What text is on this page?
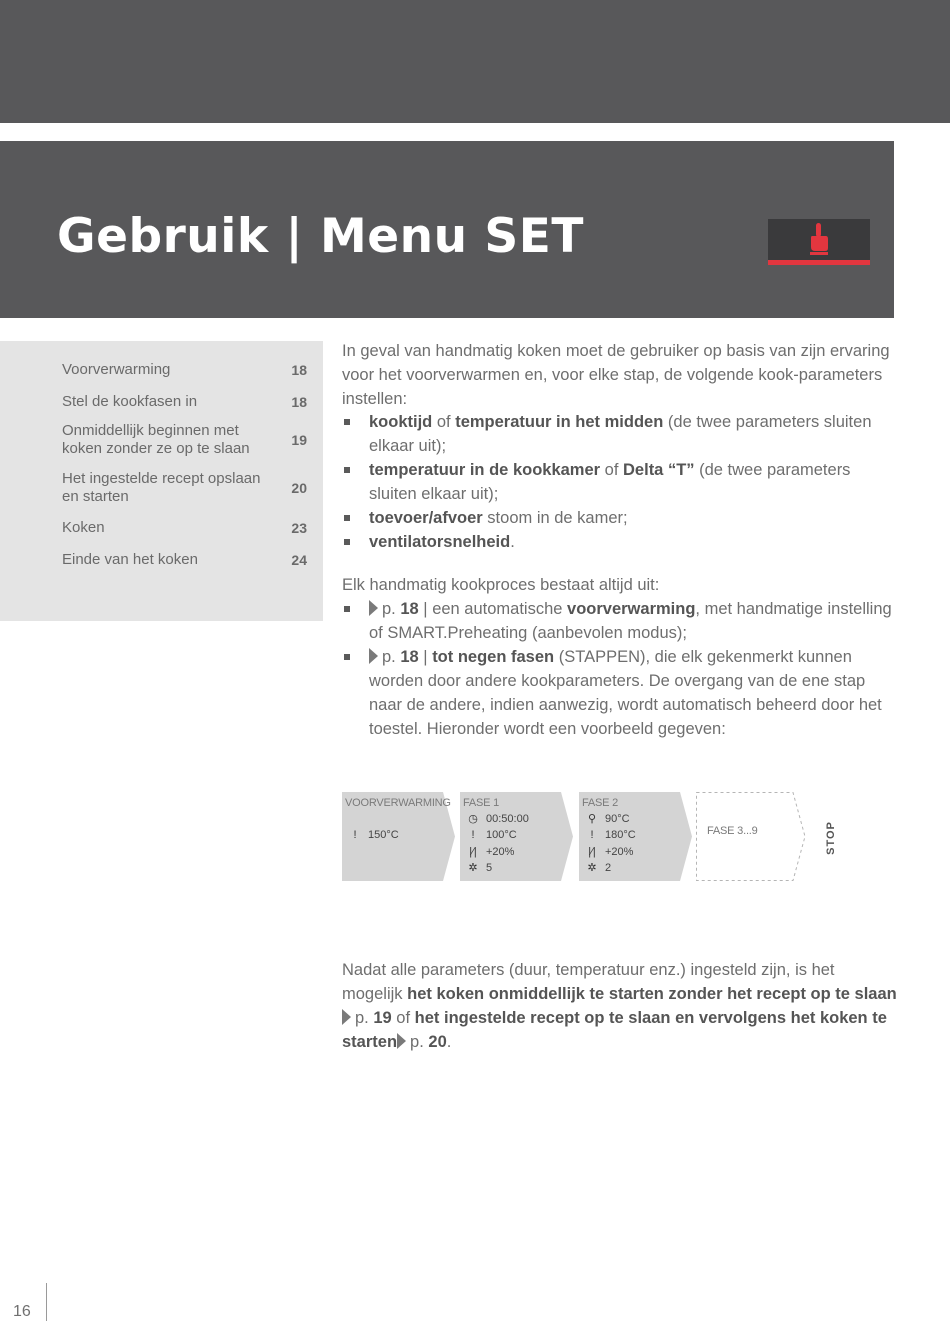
Gebruik | Menu SET
Voorverwarming	18
Stel de kookfasen in	18
Onmiddellijk beginnen met koken zonder ze op te slaan	19
Het ingestelde recept opslaan en starten	20
Koken	23
Einde van het koken	24

In geval van handmatig koken moet de gebruiker op basis van zijn ervaring voor het voorverwarmen en, voor elke stap, de volgende kook-parameters instellen:

kooktijd of temperatuur in het midden (de twee parameters sluiten elkaar uit);
temperatuur in de kookkamer of Delta “T” (de twee parameters sluiten elkaar uit);
toevoer/afvoer stoom in de kamer;
ventilatorsnelheid.

Elk handmatig kookproces bestaat altijd uit:

p. 18 | een automatische voorverwarming, met handmatige instelling of SMART.Preheating (aanbevolen modus);
p. 18 | tot negen fasen (STAPPEN), die elk gekenmerkt kunnen worden door andere kookparameters. De overgang van de ene stap naar de andere, indien aanwezig, wordt automatisch beheerd door het toestel. Hieronder wordt een voorbeeld gegeven:
VOORVERWARMING
!	150°C
FASE 1
◷ 00:50:00
!	100°C
|⁄| +20%
✲ 5
FASE 2
⚲ 90°C
!	180°C
|⁄| +20%
✲ 2
FASE 3...9	STOP

Nadat alle parameters (duur, temperatuur enz.) ingesteld zijn, is het mogelijk het koken onmiddellijk te starten zonder het recept op te slaanp. 19 of het ingestelde recept op te slaan en vervolgens het koken te starten p. 20.

16
